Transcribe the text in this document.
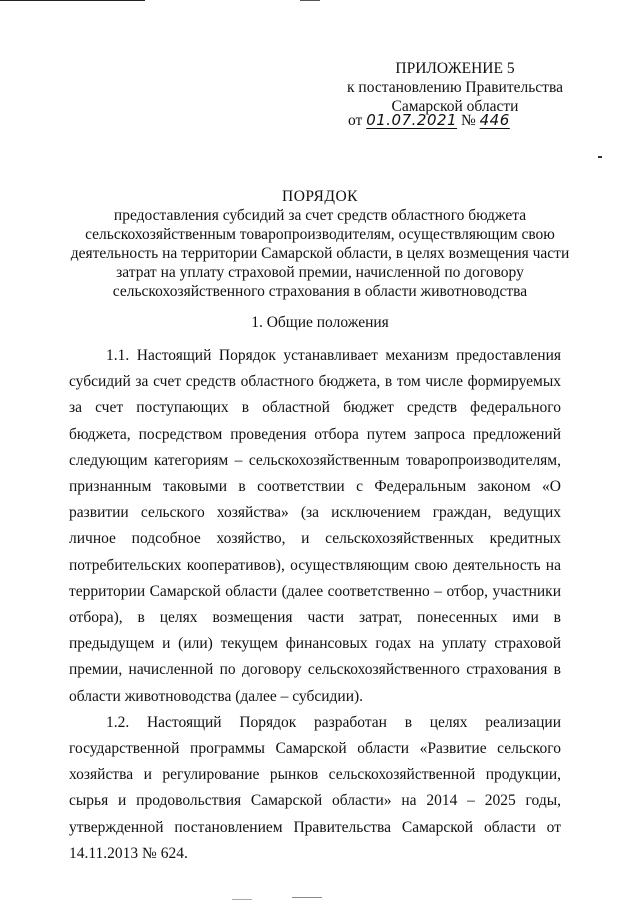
ПРИЛОЖЕНИЕ 5
к постановлению Правительства
Самарской области
от 01.07.2021 № 446
ПОРЯДОК
предоставления субсидий за счет средств областного бюджета сельскохозяйственным товаропроизводителям, осуществляющим свою деятельность на территории Самарской области, в целях возмещения части затрат на уплату страховой премии, начисленной по договору сельскохозяйственного страхования в области животноводства
1. Общие положения

1.1. Настоящий Порядок устанавливает механизм предоставления субсидий за счет средств областного бюджета, в том числе формируемых за счет поступающих в областной бюджет средств федерального бюджета, посредством проведения отбора путем запроса предложений следующим категориям – сельскохозяйственным товаропроизводителям, признанным таковыми в соответствии с Федеральным законом «О развитии сельского хозяйства» (за исключением граждан, ведущих личное подсобное хозяйство, и сельскохозяйственных кредитных потребительских кооперативов), осуществляющим свою деятельность на территории Самарской области (далее соответственно – отбор, участники отбора), в целях возмещения части затрат, понесенных ими в предыдущем и (или) текущем финансовых годах на уплату страховой премии, начисленной по договору сельскохозяйственного страхования в области животноводства (далее – субсидии).

1.2. Настоящий Порядок разработан в целях реализации государственной программы Самарской области «Развитие сельского хозяйства и регулирование рынков сельскохозяйственной продукции, сырья и продовольствия Самарской области» на 2014 – 2025 годы, утвержденной постановлением Правительства Самарской области от 14.11.2013 № 624.
